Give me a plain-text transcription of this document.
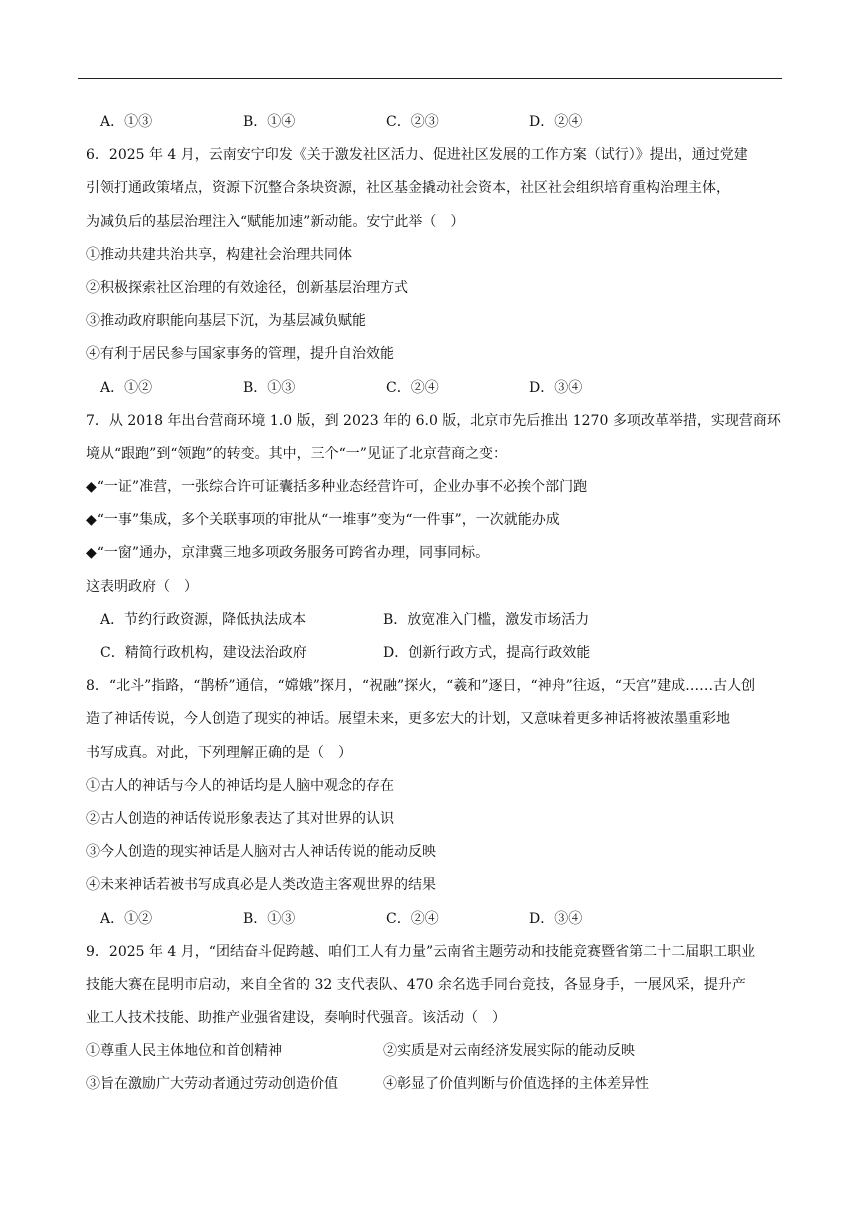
A．①③	B．①④	C．②③	D．②④
6．2025 年 4 月，云南安宁印发《关于激发社区活力、促进社区发展的工作方案（试行）》提出，通过党建
引领打通政策堵点，资源下沉整合条块资源，社区基金撬动社会资本，社区社会组织培育重构治理主体，
为减负后的基层治理注入“赋能加速”新动能。安宁此举（　）
①推动共建共治共享，构建社会治理共同体
②积极探索社区治理的有效途径，创新基层治理方式
③推动政府职能向基层下沉，为基层减负赋能
④有利于居民参与国家事务的管理，提升自治效能
A．①②	B．①③	C．②④	D．③④
7．从 2018 年出台营商环境 1.0 版，到 2023 年的 6.0 版，北京市先后推出 1270 多项改革举措，实现营商环
境从“跟跑”到“领跑”的转变。其中，三个“一”见证了北京营商之变：
◆“一证”准营，一张综合许可证囊括多种业态经营许可，企业办事不必挨个部门跑
◆“一事”集成，多个关联事项的审批从“一堆事”变为“一件事”，一次就能办成
◆“一窗”通办，京津冀三地多项政务服务可跨省办理，同事同标。
这表明政府（　）
A．节约行政资源，降低执法成本	B．放宽准入门槛，激发市场活力
C．精简行政机构，建设法治政府	D．创新行政方式，提高行政效能
8．“北斗”指路，“鹊桥”通信，“嫦娥”探月，“祝融”探火，“羲和”逐日，“神舟”往返，“天宫”建成……古人创
造了神话传说，今人创造了现实的神话。展望未来，更多宏大的计划，又意味着更多神话将被浓墨重彩地
书写成真。对此，下列理解正确的是（　）
①古人的神话与今人的神话均是人脑中观念的存在
②古人创造的神话传说形象表达了其对世界的认识
③今人创造的现实神话是人脑对古人神话传说的能动反映
④未来神话若被书写成真必是人类改造主客观世界的结果
A．①②	B．①③	C．②④	D．③④
9．2025 年 4 月，“团结奋斗促跨越、咱们工人有力量”云南省主题劳动和技能竞赛暨省第二十二届职工职业
技能大赛在昆明市启动，来自全省的 32 支代表队、470 余名选手同台竞技，各显身手，一展风采，提升产
业工人技术技能、助推产业强省建设，奏响时代强音。该活动（　）
①尊重人民主体地位和首创精神	②实质是对云南经济发展实际的能动反映
③旨在激励广大劳动者通过劳动创造价值	④彰显了价值判断与价值选择的主体差异性
